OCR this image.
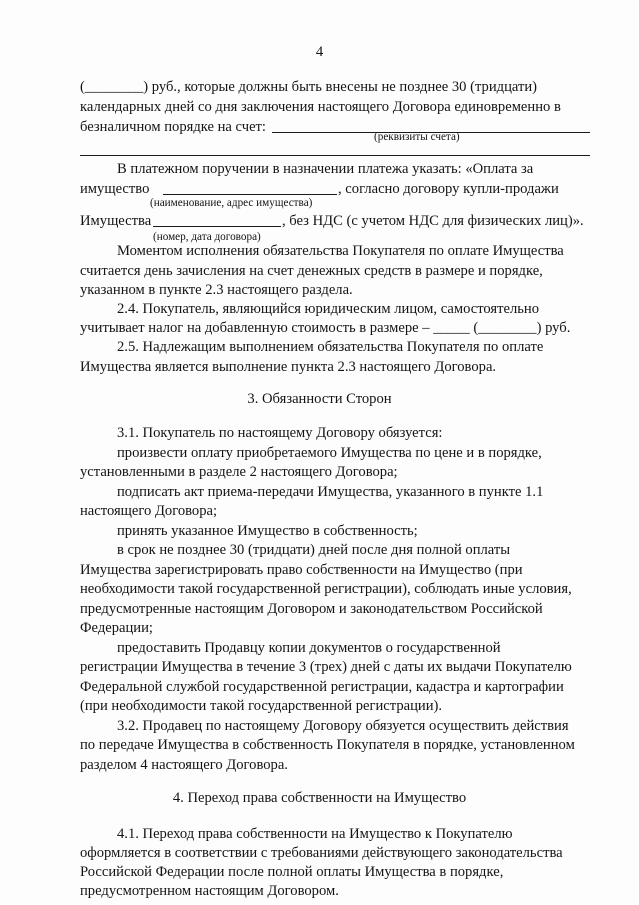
4
(________) руб., которые должны быть внесены не позднее 30 (тридцати)
календарных дней со дня заключения настоящего Договора единовременно в
безналичном порядке на счет:
(реквизиты счета)
В платежном поручении в назначении платежа указать: «Оплата за
имущество	, согласно договору купли-продажи
(наименование, адрес имущества)
Имущества	, без НДС (с учетом НДС для физических лиц)».
(номер, дата договора)
Моментом исполнения обязательства Покупателя по оплате Имущества
считается день зачисления на счет денежных средств в размере и порядке,
указанном в пункте 2.3 настоящего раздела.
2.4. Покупатель, являющийся юридическим лицом, самостоятельно
учитывает налог на добавленную стоимость в размере – _____ (________) руб.
2.5. Надлежащим выполнением обязательства Покупателя по оплате
Имущества является выполнение пункта 2.3 настоящего Договора.
3. Обязанности Сторон
3.1. Покупатель по настоящему Договору обязуется:
произвести оплату приобретаемого Имущества по цене и в порядке,
установленными в разделе 2 настоящего Договора;
подписать акт приема-передачи Имущества, указанного в пункте 1.1
настоящего Договора;
принять указанное Имущество в собственность;
в срок не позднее 30 (тридцати) дней после дня полной оплаты
Имущества зарегистрировать право собственности на Имущество (при
необходимости такой государственной регистрации), соблюдать иные условия,
предусмотренные настоящим Договором и законодательством Российской
Федерации;
предоставить Продавцу копии документов о государственной
регистрации Имущества в течение 3 (трех) дней с даты их выдачи Покупателю
Федеральной службой государственной регистрации, кадастра и картографии
(при необходимости такой государственной регистрации).
3.2. Продавец по настоящему Договору обязуется осуществить действия
по передаче Имущества в собственность Покупателя в порядке, установленном
разделом 4 настоящего Договора.
4. Переход права собственности на Имущество
4.1. Переход права собственности на Имущество к Покупателю
оформляется в соответствии с требованиями действующего законодательства
Российской Федерации после полной оплаты Имущества в порядке,
предусмотренном настоящим Договором.
